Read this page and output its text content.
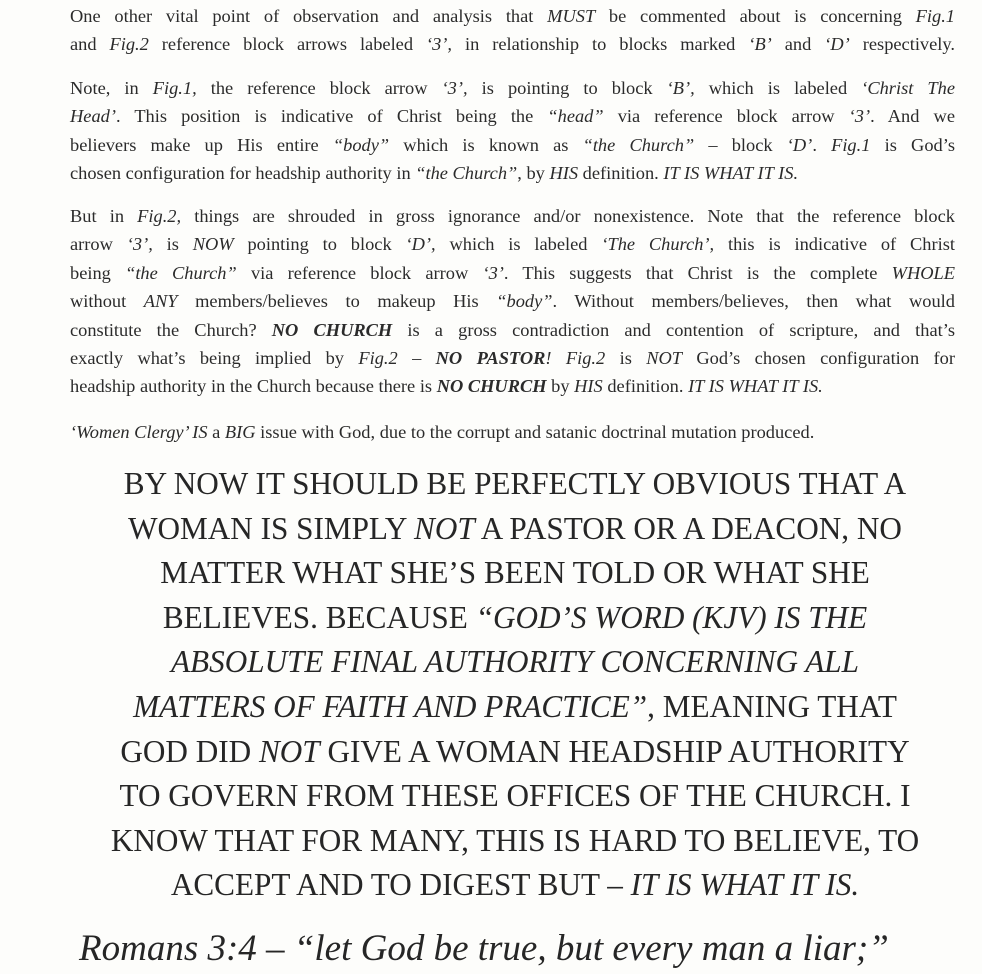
One other vital point of observation and analysis that MUST be commented about is concerning Fig.1
and Fig.2 reference block arrows labeled ‘3’, in relationship to blocks marked ‘B’ and ‘D’ respectively.
Note, in Fig.1, the reference block arrow ‘3’, is pointing to block ‘B’, which is labeled ‘Christ The
Head’. This position is indicative of Christ being the “head” via reference block arrow ‘3’. And we
believers make up His entire “body” which is known as “the Church” – block ‘D’. Fig.1 is God’s
chosen configuration for headship authority in “the Church”, by HIS definition. IT IS WHAT IT IS.
But in Fig.2, things are shrouded in gross ignorance and/or nonexistence. Note that the reference block
arrow ‘3’, is NOW pointing to block ‘D’, which is labeled ‘The Church’, this is indicative of Christ
being “the Church” via reference block arrow ‘3’. This suggests that Christ is the complete WHOLE
without ANY members/believes to makeup His “body”. Without members/believes, then what would
constitute the Church? NO CHURCH is a gross contradiction and contention of scripture, and that’s
exactly what’s being implied by Fig.2 – NO PASTOR! Fig.2 is NOT God’s chosen configuration for
headship authority in the Church because there is NO CHURCH by HIS definition. IT IS WHAT IT IS.
‘Women Clergy’ IS a BIG issue with God, due to the corrupt and satanic doctrinal mutation produced.
BY NOW IT SHOULD BE PERFECTLY OBVIOUS THAT A
WOMAN IS SIMPLY NOT A PASTOR OR A DEACON, NO
MATTER WHAT SHE’S BEEN TOLD OR WHAT SHE
BELIEVES. BECAUSE “GOD’S WORD (KJV) IS THE
ABSOLUTE FINAL AUTHORITY CONCERNING ALL
MATTERS OF FAITH AND PRACTICE”, MEANING THAT
GOD DID NOT GIVE A WOMAN HEADSHIP AUTHORITY
TO GOVERN FROM THESE OFFICES OF THE CHURCH. I
KNOW THAT FOR MANY, THIS IS HARD TO BELIEVE, TO
ACCEPT AND TO DIGEST BUT – IT IS WHAT IT IS.

Romans 3:4 – “let God be true, but every man a liar;”
